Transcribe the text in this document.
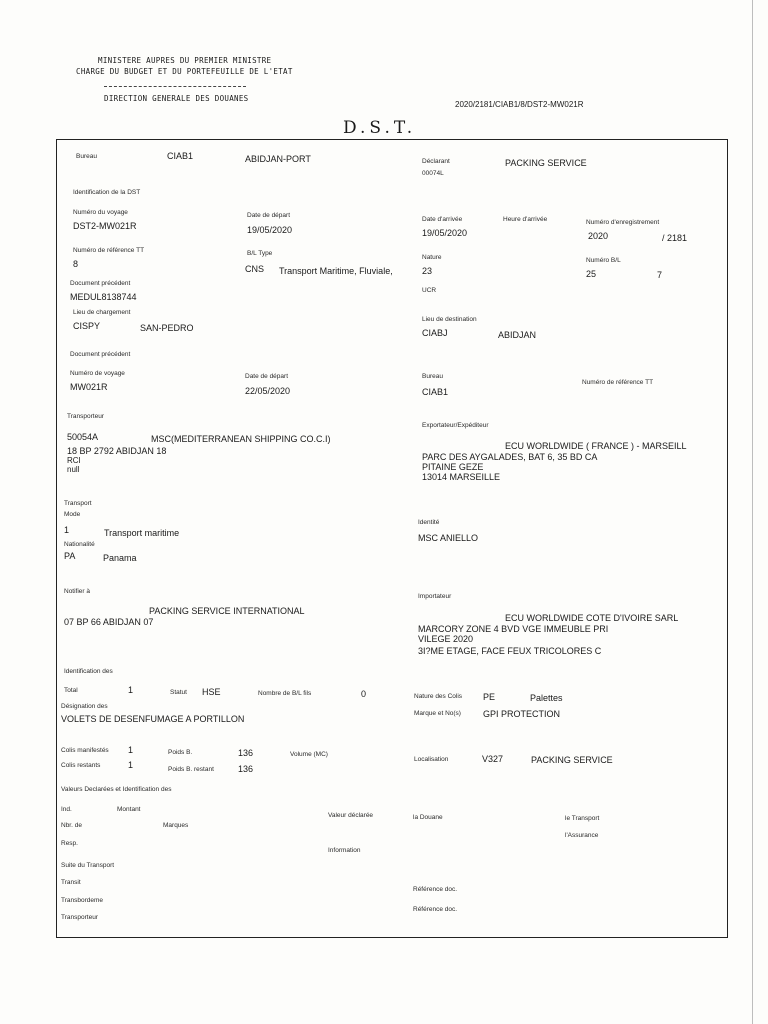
MINISTERE AUPRES DU PREMIER MINISTRE
CHARGE DU BUDGET ET DU PORTEFEUILLE DE L'ETAT
DIRECTION GENERALE DES DOUANES
2020/2181/CIAB1/8/DST2-MW021R
D.S.T.
Bureau	CIAB1	ABIDJAN-PORT	Déclarant	PACKING SERVICE
00074L
Identification de la DST
Numéro du voyage
DST2-MW021R
Date de départ
19/05/2020
Date d'arrivée
19/05/2020
Heure d'arrivée	Numéro d'enregistrement
2020	/ 2181
Numéro de référence TT
8
B/L Type
CNS Transport Maritime, Fluviale,
Nature
23
Numéro B/L
25	7
Document précédent
MEDUL8138744
UCR
Lieu de chargement
CISPY	SAN-PEDRO
Lieu de destination
CIABJ	ABIDJAN
Document précédent
Numéro de voyage
MW021R
Date de départ
22/05/2020
Bureau
CIAB1
Numéro de référence TT
Transporteur
50054A	MSC(MEDITERRANEAN SHIPPING CO.C.I)
18 BP 2792 ABIDJAN 18
RCI
null
Exportateur/Expéditeur
ECU WORLDWIDE ( FRANCE ) - MARSEILL
PARC DES AYGALADES, BAT 6, 35 BD CA
PITAINE GEZE
13014 MARSEILLE
Transport
Mode
1	Transport maritime
Nationalité
PA	Panama
Identité
MSC ANIELLO
Notifier à
PACKING SERVICE INTERNATIONAL
07 BP 66 ABIDJAN 07
Importateur
ECU WORLDWIDE COTE D'IVOIRE SARL
MARCORY ZONE 4 BVD VGE IMMEUBLE PRI
VILEGE 2020
3I?ME ETAGE, FACE FEUX TRICOLORES C
Identification des
Total	1	Statut HSE	Nombre de B/L fils	0	Nature des Colis PE	Palettes
Désignation des
VOLETS DE DESENFUMAGE A PORTILLON
Marque et No(s) GPI PROTECTION
Colis manifestés 1	Poids B.	136	Volume (MC)
Colis restants	1	Poids B. restant	136
Localisation	V327	PACKING SERVICE
Valeurs Declarées et Identification des
Ind.	Montant
Valeur déclarée	la Douane	le Transport
Nbr. de	Marques
l'Assurance
Resp.
Information
Suite du Transport
Transit
Transbordeme
Transporteur
Référence doc.
Référence doc.
